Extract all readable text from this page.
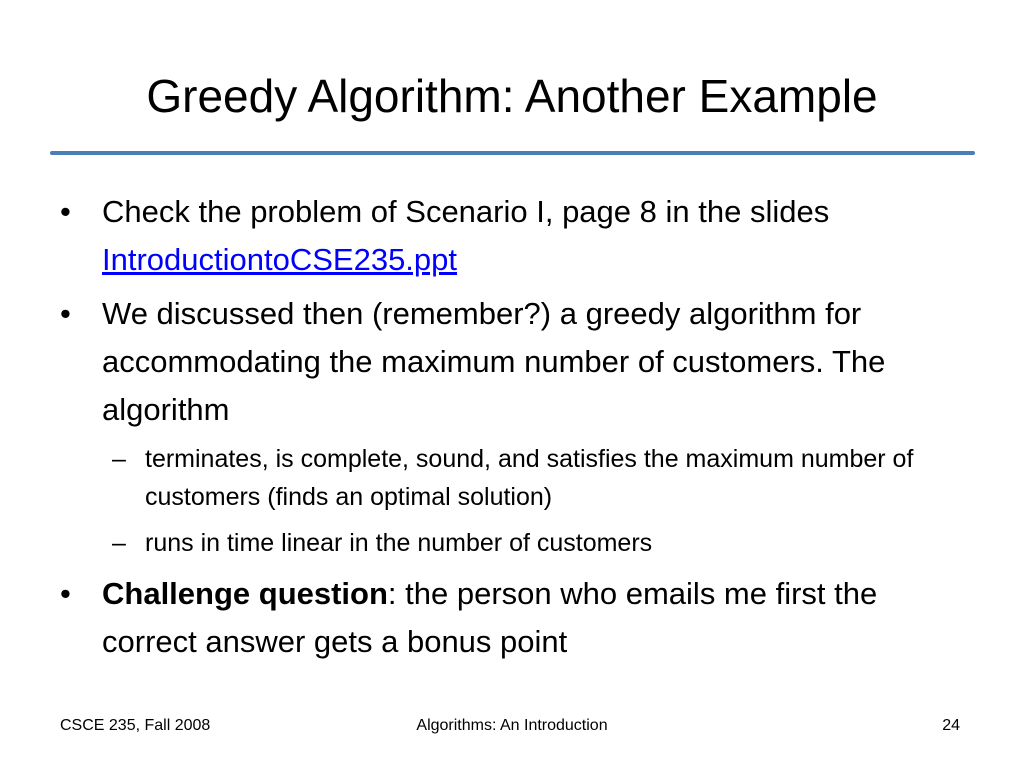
Greedy Algorithm: Another Example
•	Check the problem of Scenario I, page 8 in the slides
IntroductiontoCSE235.ppt
•	We discussed then (remember?) a greedy algorithm for accommodating the maximum number of customers. The algorithm
– terminates, is complete, sound, and satisfies the maximum number of customers (finds an optimal solution)
– runs in time linear in the number of customers
•	Challenge question: the person who emails me first the correct answer gets a bonus point
CSCE 235, Fall 2008	Algorithms: An Introduction	24
